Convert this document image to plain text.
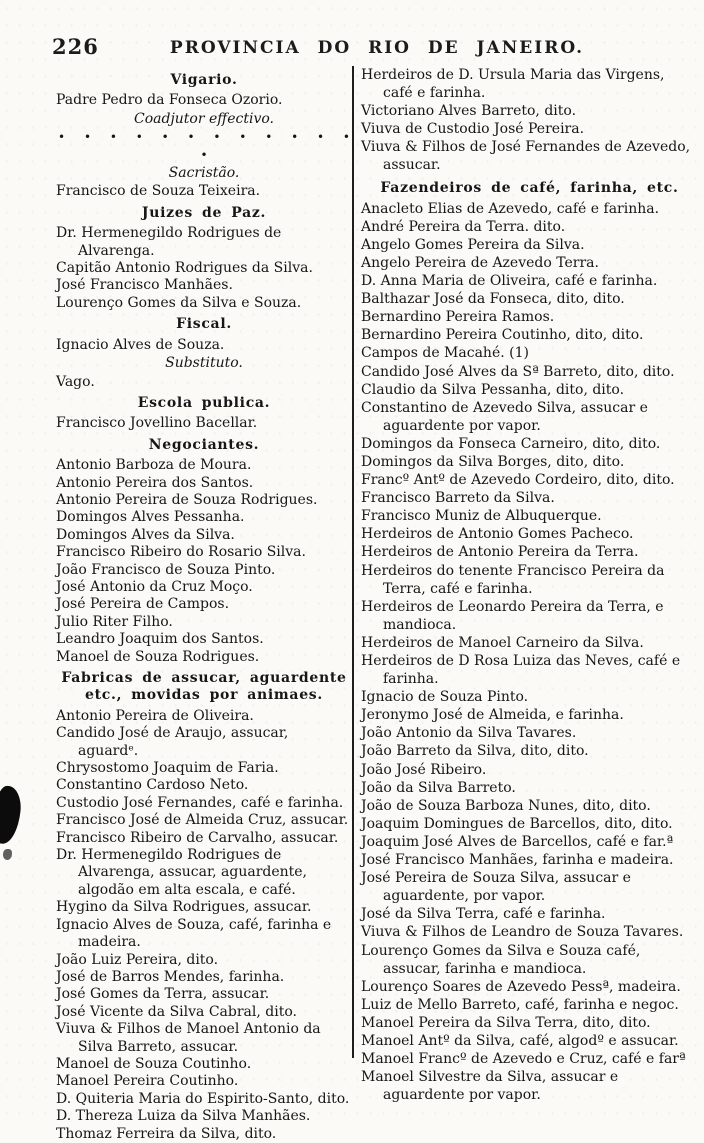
226	PROVINCIA DO RIO DE JANEIRO.
Vigario.
Padre Pedro da Fonseca Ozorio.
Coadjutor effectivo.
• • • • • • • • • • • • •
Sacristão.
Francisco de Souza Teixeira.
Juizes de Paz.
Dr. Hermenegildo Rodrigues de Alvarenga.
Capitão Antonio Rodrigues da Silva.
José Francisco Manhães.
Lourenço Gomes da Silva e Souza.
Fiscal.
Ignacio Alves de Souza.
Substituto.
Vago.
Escola publica.
Francisco Jovellino Bacellar.
Negociantes.
Antonio Barboza de Moura.
Antonio Pereira dos Santos.
Antonio Pereira de Souza Rodrigues.
Domingos Alves Pessanha.
Domingos Alves da Silva.
Francisco Ribeiro do Rosario Silva.
João Francisco de Souza Pinto.
José Antonio da Cruz Moço.
José Pereira de Campos.
Julio Riter Filho.
Leandro Joaquim dos Santos.
Manoel de Souza Rodrigues.
Fabricas de assucar, aguardente etc., movidas por animaes.
Antonio Pereira de Oliveira.
Candido José de Araujo, assucar, aguardᵉ.
Chrysostomo Joaquim de Faria.
Constantino Cardoso Neto.
Custodio José Fernandes, café e farinha.
Francisco José de Almeida Cruz, assucar.
Francisco Ribeiro de Carvalho, assucar.
Dr. Hermenegildo Rodrigues de Alvarenga, assucar, aguardente, algodão em alta escala, e café.
Hygino da Silva Rodrigues, assucar.
Ignacio Alves de Souza, café, farinha e madeira.
João Luiz Pereira, dito.
José de Barros Mendes, farinha.
José Gomes da Terra, assucar.
José Vicente da Silva Cabral, dito.
Viuva & Filhos de Manoel Antonio da Silva Barreto, assucar.
Manoel de Souza Coutinho.
Manoel Pereira Coutinho.
D. Quiteria Maria do Espirito-Santo, dito.
D. Thereza Luiza da Silva Manhães.
Thomaz Ferreira da Silva, dito.
Herdeiros de D. Ursula Maria das Virgens, café e farinha.
Victoriano Alves Barreto, dito.
Viuva de Custodio José Pereira.
Viuva & Filhos de José Fernandes de Azevedo, assucar.
Fazendeiros de café, farinha, etc.
Anacleto Elias de Azevedo, café e farinha.
André Pereira da Terra. dito.
Angelo Gomes Pereira da Silva.
Angelo Pereira de Azevedo Terra.
D. Anna Maria de Oliveira, café e farinha.
Balthazar José da Fonseca, dito, dito.
Bernardino Pereira Ramos.
Bernardino Pereira Coutinho, dito, dito.
Campos de Macahé. (1)
Candido José Alves da Sª Barreto, dito, dito.
Claudio da Silva Pessanha, dito, dito.
Constantino de Azevedo Silva, assucar e aguardente por vapor.
Domingos da Fonseca Carneiro, dito, dito.
Domingos da Silva Borges, dito, dito.
Francº Antº de Azevedo Cordeiro, dito, dito.
Francisco Barreto da Silva.
Francisco Muniz de Albuquerque.
Herdeiros de Antonio Gomes Pacheco.
Herdeiros de Antonio Pereira da Terra.
Herdeiros do tenente Francisco Pereira da Terra, café e farinha.
Herdeiros de Leonardo Pereira da Terra, e mandioca.
Herdeiros de Manoel Carneiro da Silva.
Herdeiros de D Rosa Luiza das Neves, café e farinha.
Ignacio de Souza Pinto.
Jeronymo José de Almeida, e farinha.
João Antonio da Silva Tavares.
João Barreto da Silva, dito, dito.
João José Ribeiro.
João da Silva Barreto.
João de Souza Barboza Nunes, dito, dito.
Joaquim Domingues de Barcellos, dito, dito.
Joaquim José Alves de Barcellos, café e far.ª
José Francisco Manhães, farinha e madeira.
José Pereira de Souza Silva, assucar e aguardente, por vapor.
José da Silva Terra, café e farinha.
Viuva & Filhos de Leandro de Souza Tavares.
Lourenço Gomes da Silva e Souza café, assucar, farinha e mandioca.
Lourenço Soares de Azevedo Pessª, madeira.
Luiz de Mello Barreto, café, farinha e negoc.
Manoel Pereira da Silva Terra, dito, dito.
Manoel Antº da Silva, café, algodº e assucar.
Manoel Francº de Azevedo e Cruz, café e farª
Manoel Silvestre da Silva, assucar e aguardente por vapor.
